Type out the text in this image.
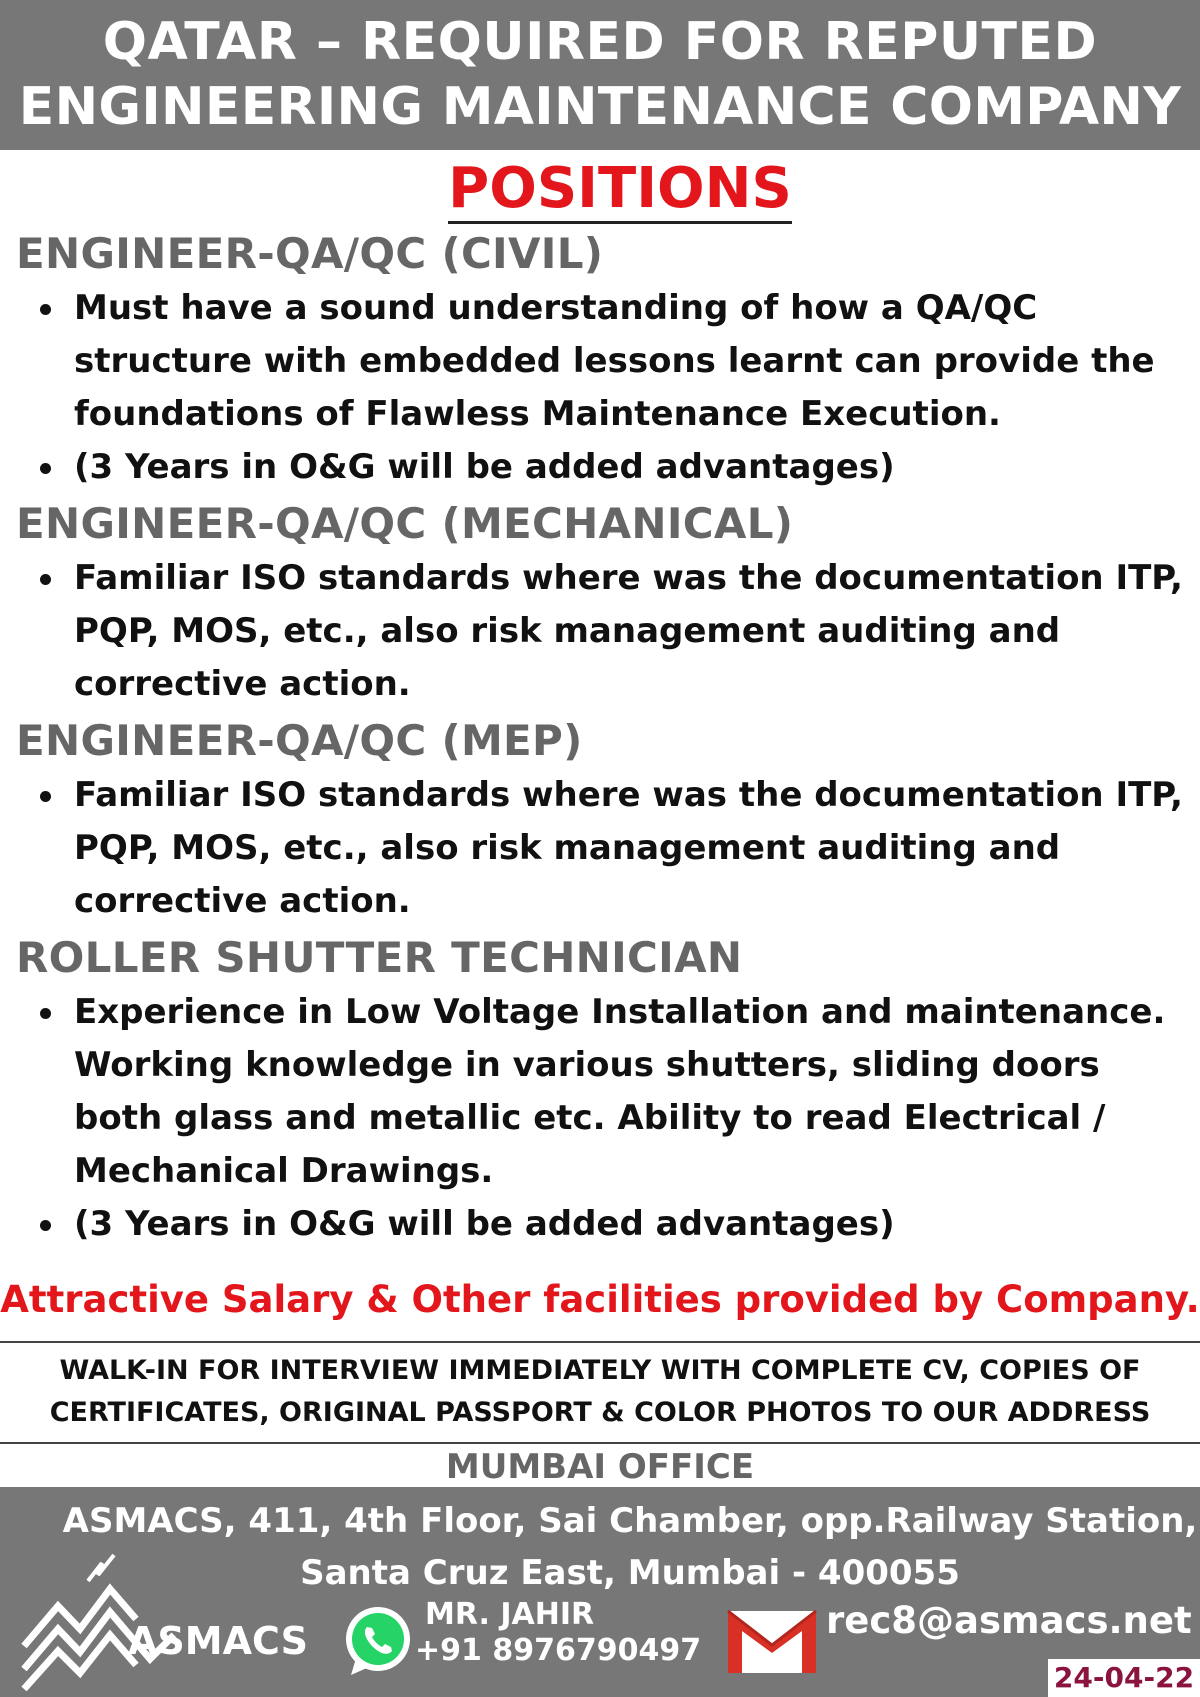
QATAR – REQUIRED FOR REPUTED
ENGINEERING MAINTENANCE COMPANY
POSITIONS
ENGINEER-QA/QC (CIVIL)
Must have a sound understanding of how a QA/QC structure with embedded lessons learnt can provide the foundations of Flawless Maintenance Execution.
(3 Years in O&G will be added advantages)
ENGINEER-QA/QC (MECHANICAL)
Familiar ISO standards where was the documentation ITP, PQP, MOS, etc., also risk management auditing and corrective action.
ENGINEER-QA/QC (MEP)
Familiar ISO standards where was the documentation ITP, PQP, MOS, etc., also risk management auditing and corrective action.
ROLLER SHUTTER TECHNICIAN
Experience in Low Voltage Installation and maintenance. Working knowledge in various shutters, sliding doors both glass and metallic etc. Ability to read Electrical / Mechanical Drawings.
(3 Years in O&G will be added advantages)
Attractive Salary & Other facilities provided by Company.
WALK-IN FOR INTERVIEW IMMEDIATELY WITH COMPLETE CV, COPIES OF
CERTIFICATES, ORIGINAL PASSPORT & COLOR PHOTOS TO OUR ADDRESS
MUMBAI OFFICE
ASMACS, 411, 4th Floor, Sai Chamber, opp.Railway Station,
Santa Cruz East, Mumbai - 400055
ASMACS
MR. JAHIR
+91 8976790497
rec8@asmacs.net
24-04-22
